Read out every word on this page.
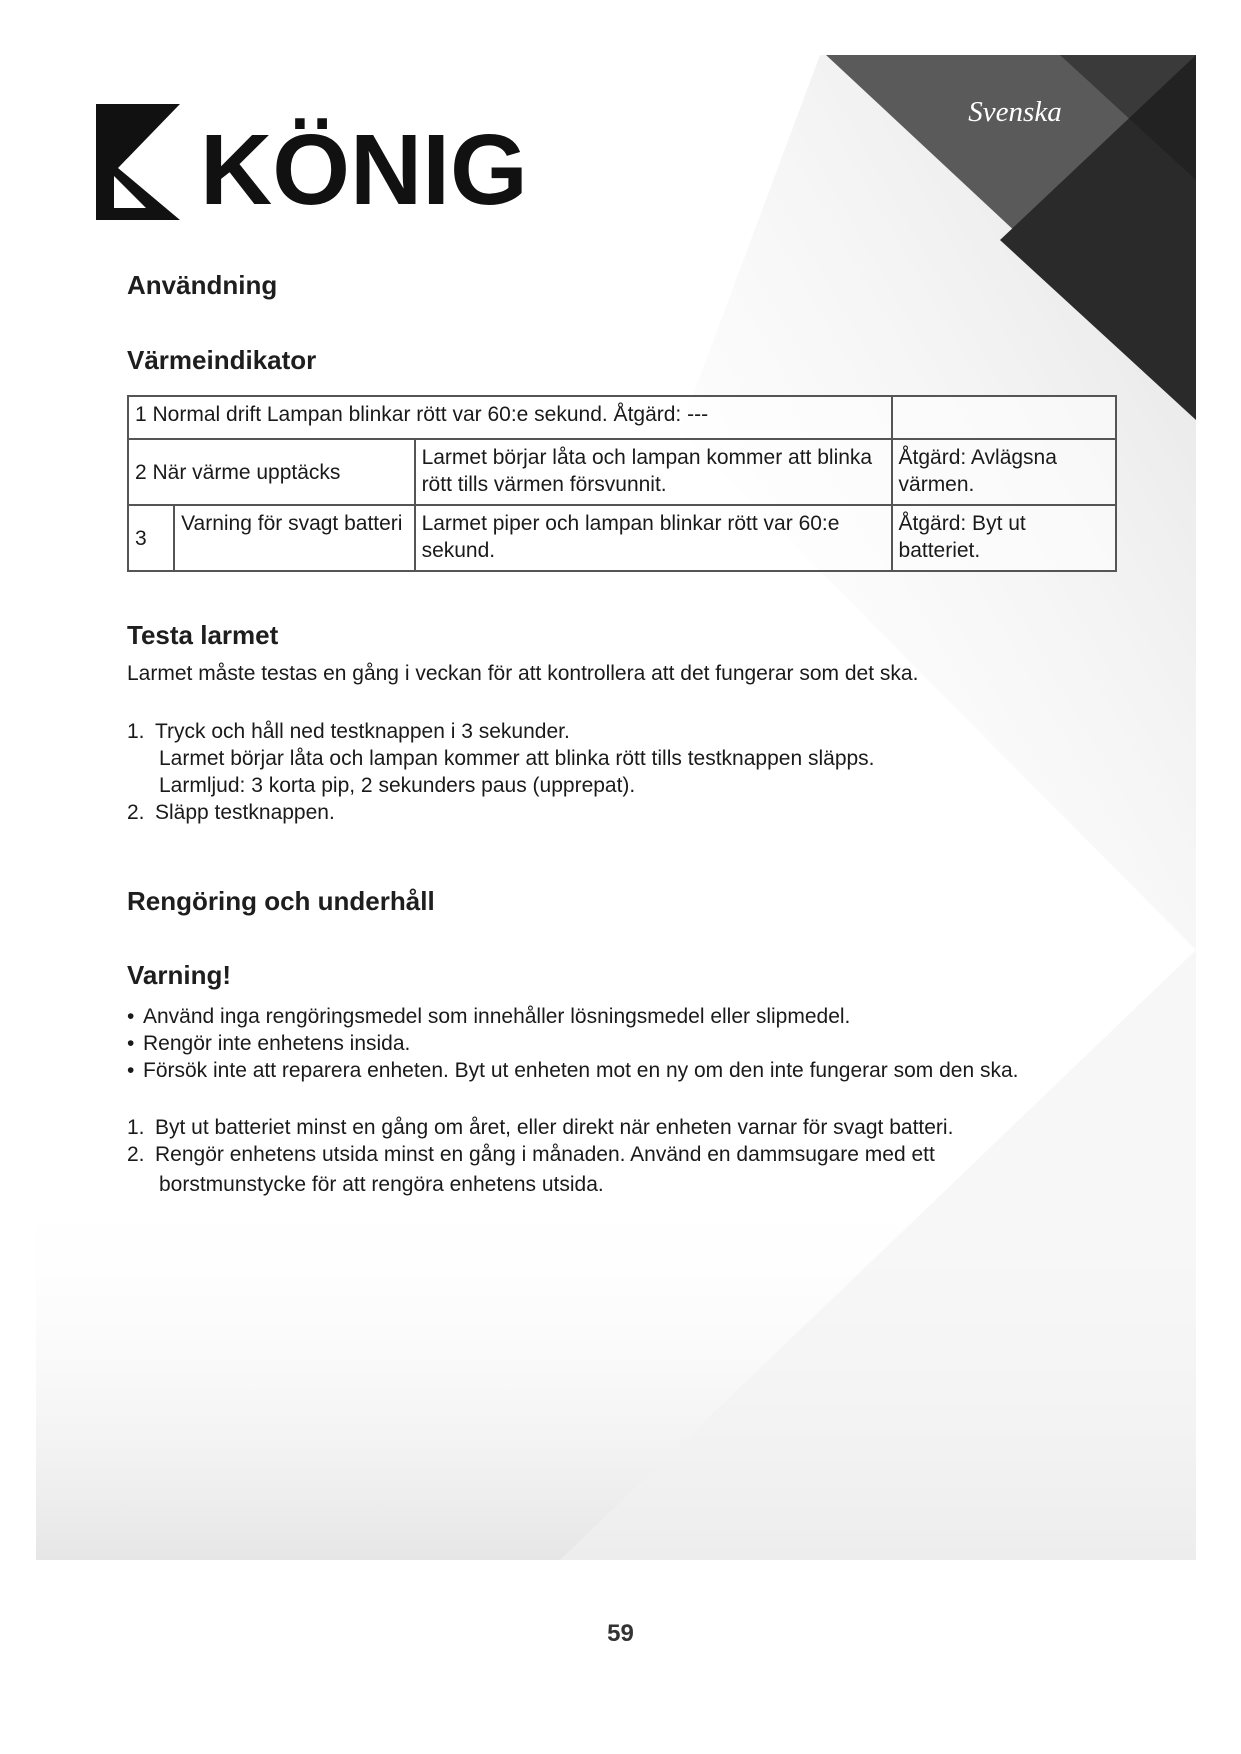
Svenska
KÖNIG
Användning
Värmeindikator
1 Normal drift Lampan blinkar rött var 60:e sekund. Åtgärd: ---			
2 När värme upptäcks		Larmet börjar låta och lampan kommer att blinka rött tills värmen försvunnit.	Åtgärd: Avlägsna värmen.
3	Varning för svagt batteri	Larmet piper och lampan blinkar rött var 60:e sekund.	Åtgärd: Byt ut batteriet.
Testa larmet

Larmet måste testas en gång i veckan för att kontrollera att det fungerar som det ska.

1. Tryck och håll ned testknappen i 3 sekunder.
Larmet börjar låta och lampan kommer att blinka rött tills testknappen släpps.
Larmljud: 3 korta pip, 2 sekunders paus (upprepat).
2. Släpp testknappen.
Rengöring och underhåll
Varning!
• Använd inga rengöringsmedel som innehåller lösningsmedel eller slipmedel.
• Rengör inte enhetens insida.
• Försök inte att reparera enheten. Byt ut enheten mot en ny om den inte fungerar som den ska.
1. Byt ut batteriet minst en gång om året, eller direkt när enheten varnar för svagt batteri.
2. Rengör enhetens utsida minst en gång i månaden. Använd en dammsugare med ett
borstmunstycke för att rengöra enhetens utsida.
59
